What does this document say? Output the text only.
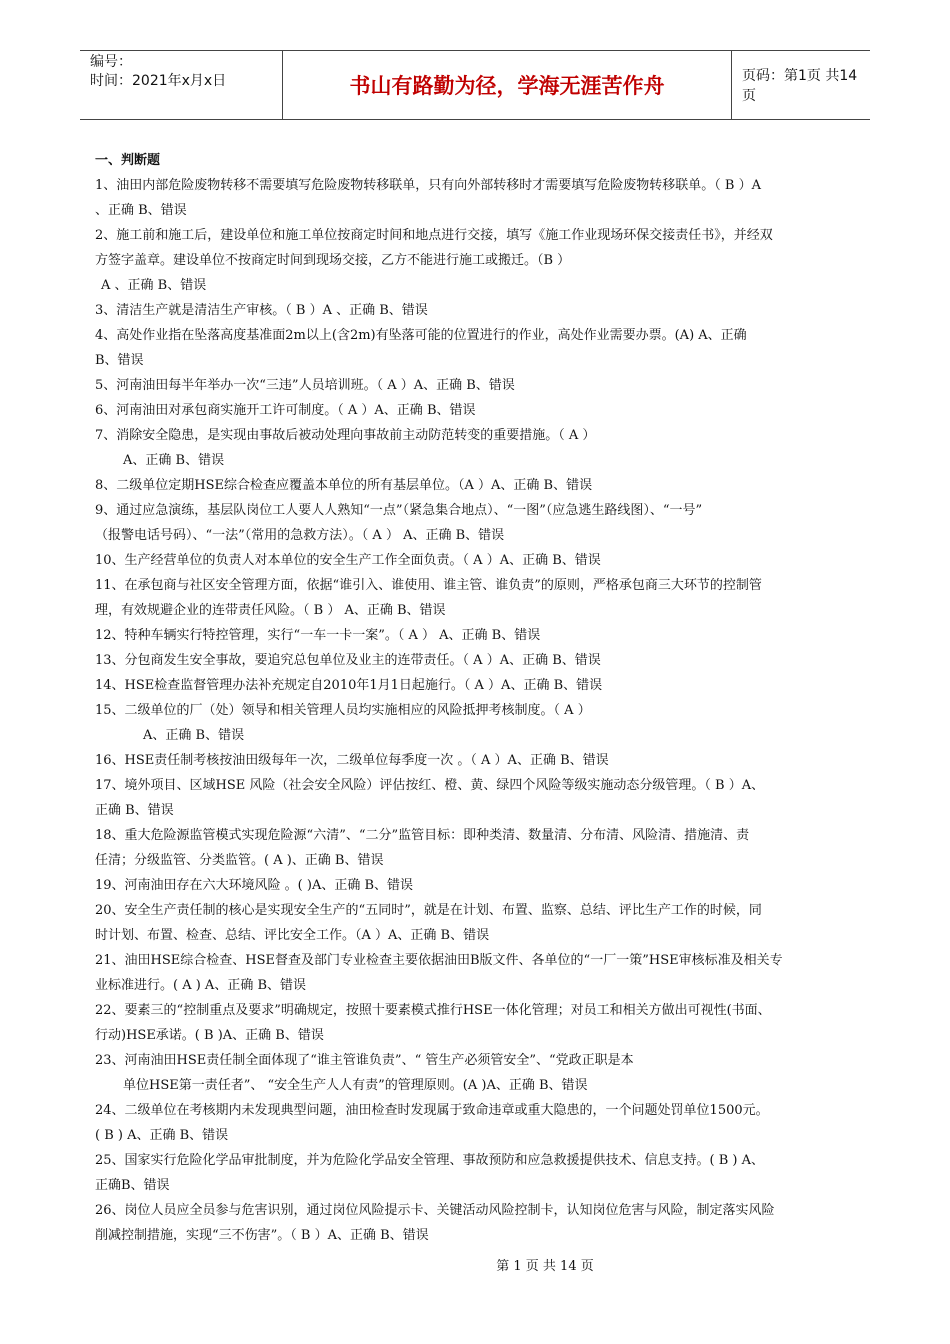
编号：
时间：2021年x月x日	书山有路勤为径，学海无涯苦作舟	页码：第1页 共14页
一、判断题
1、油田内部危险废物转移不需要填写危险废物转移联单，只有向外部转移时才需要填写危险废物转移联单。（ B ）A
、正确 B、错误
2、施工前和施工后，建设单位和施工单位按商定时间和地点进行交接，填写《施工作业现场环保交接责任书》，并经双
方签字盖章。建设单位不按商定时间到现场交接，乙方不能进行施工或搬迁。（B ）
A 、正确 B、错误
3、清洁生产就是清洁生产审核。（ B ）A 、正确 B、错误
4、高处作业指在坠落高度基准面2m以上(含2m)有坠落可能的位置进行的作业，高处作业需要办票。(A) A、正确
B、错误
5、河南油田每半年举办一次“三违”人员培训班。（ A ）A、正确 B、错误
6、河南油田对承包商实施开工许可制度。（ A ）A、正确 B、错误
7、消除安全隐患，是实现由事故后被动处理向事故前主动防范转变的重要措施。（ A ）
A、正确 B、错误
8、二级单位定期HSE综合检查应覆盖本单位的所有基层单位。（A ）A、正确 B、错误
9、通过应急演练，基层队岗位工人要人人熟知“一点”（紧急集合地点）、“一图”（应急逃生路线图）、“一号”
（报警电话号码）、“一法”（常用的急救方法）。（ A ） A、正确 B、错误
10、生产经营单位的负责人对本单位的安全生产工作全面负责。（ A ）A、正确 B、错误
11、在承包商与社区安全管理方面，依据“谁引入、谁使用、谁主管、谁负责”的原则，严格承包商三大环节的控制管
理，有效规避企业的连带责任风险。（ B ） A、正确 B、错误
12、特种车辆实行特控管理，实行“一车一卡一案”。（ A ） A、正确 B、错误
13、分包商发生安全事故，要追究总包单位及业主的连带责任。（ A ）A、正确 B、错误
14、HSE检查监督管理办法补充规定自2010年1月1日起施行。（ A ）A、正确 B、错误
15、二级单位的厂（处）领导和相关管理人员均实施相应的风险抵押考核制度。（ A ）
A、正确 B、错误
16、HSE责任制考核按油田级每年一次，二级单位每季度一次 。（ A ）A、正确 B、错误
17、境外项目、区域HSE 风险（社会安全风险）评估按红、橙、黄、绿四个风险等级实施动态分级管理。（ B ）A、
正确 B、错误
18、重大危险源监管模式实现危险源“六清”、“二分”监管目标：即种类清、数量清、分布清、风险清、措施清、责
任清；分级监管、分类监管。( A )、正确 B、错误
19、河南油田存在六大环境风险 。( )A、正确 B、错误
20、安全生产责任制的核心是实现安全生产的“五同时”，就是在计划、布置、监察、总结、评比生产工作的时候，同
时计划、布置、检查、总结、评比安全工作。（A ）A、正确 B、错误
21、油田HSE综合检查、HSE督查及部门专业检查主要依据油田B版文件、各单位的“一厂一策”HSE审核标准及相关专
业标准进行。( A ) A、正确 B、错误
22、要素三的“控制重点及要求”明确规定，按照十要素模式推行HSE一体化管理；对员工和相关方做出可视性(书面、
行动)HSE承诺。( B )A、正确 B、错误
23、河南油田HSE责任制全面体现了“谁主管谁负责”、“ 管生产必须管安全”、“党政正职是本
单位HSE第一责任者”、 “安全生产人人有责”的管理原则。(A )A、正确 B、错误
24、二级单位在考核期内未发现典型问题，油田检查时发现属于致命违章或重大隐患的，一个问题处罚单位1500元。
( B ) A、正确 B、错误
25、国家实行危险化学品审批制度，并为危险化学品安全管理、事故预防和应急救援提供技术、信息支持。( B ) A、
正确B、错误
26、岗位人员应全员参与危害识别，通过岗位风险提示卡、关键活动风险控制卡，认知岗位危害与风险，制定落实风险
削减控制措施，实现“三不伤害”。（ B ）A、正确 B、错误
第 1 页 共 14 页
